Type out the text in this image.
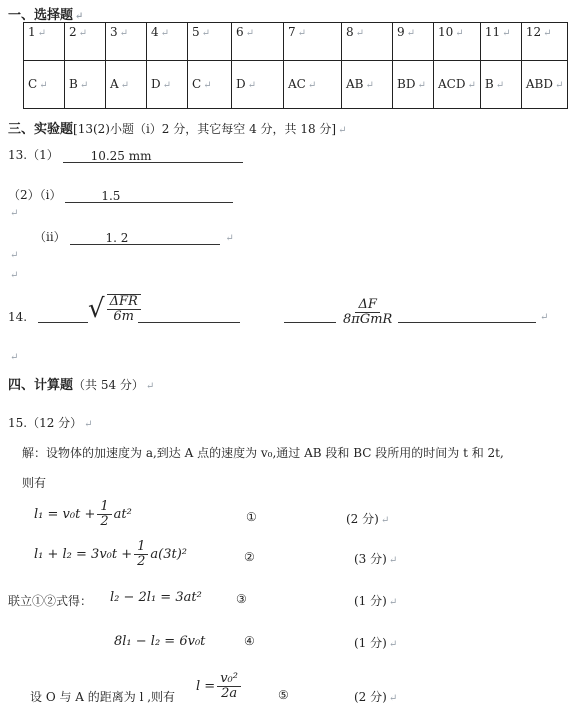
一、选择题 ↵
1 ↵	2 ↵	3 ↵	4 ↵	5 ↵	6 ↵	7 ↵	8 ↵	9 ↵	10 ↵	11 ↵	12 ↵
C ↵	B ↵	A ↵	D ↵	C ↵	D ↵	AC ↵	AB ↵	BD ↵	ACD ↵	B ↵	ABD ↵
三、实验题[13(2)小题（ⅰ）2 分，其它每空 4 分，共 18 分] ↵
13.（1）	10.25 mm
（2）（ⅰ）	1.5
↵
（ⅱ）	1. 2	↵
↵
↵
14. √ $\frac{\text{ΔFR}}{6m}$	$\frac{\Delta F}{\text{8πGmR}}$	↵
↵
四、计算题（共 54 分） ↵
15.（12 分） ↵
解：设物体的加速度为 a,到达 A 点的速度为 v₀,通过 AB 段和 BC 段所用的时间为 t 和 2t,
则有
$l_1 = v_0t + \frac{1}{2} at^2$	①	(2 分) ↵
$l_1 + l_2 = 3v_0t + \frac{1}{2} a(3t)^2$	②	(3 分) ↵
联立①②式得： l₂ − 2l₁ = 3at²	③	(1 分) ↵
8l₁ − l₂ = 6v₀t	④	(1 分) ↵
设 O 与 A 的距离为 l ,则有
$l = \frac{\text{v₀²}}{2a}$	⑤	(2 分) ↵
